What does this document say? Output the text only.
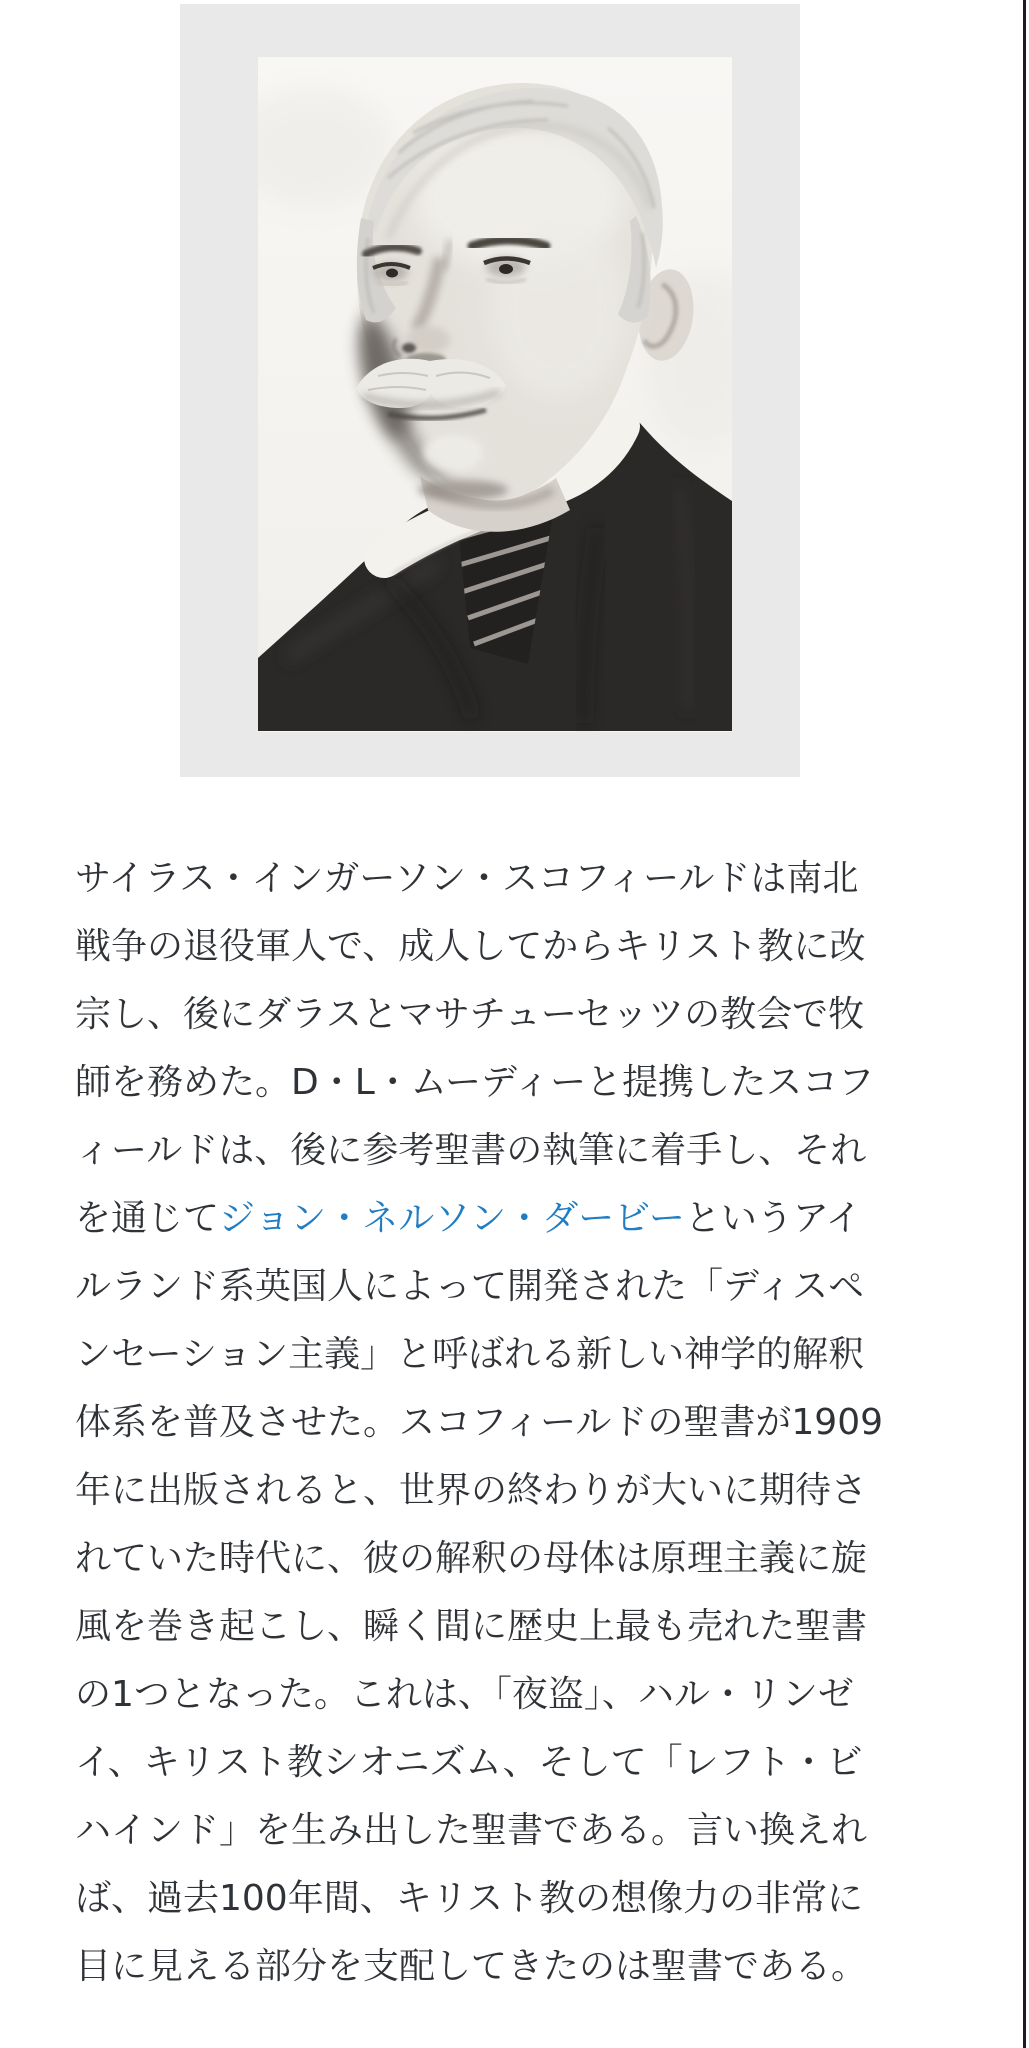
サイラス・インガーソン・スコフィールドは南北戦争の退役軍人で、成人してからキリスト教に改宗し、後にダラスとマサチューセッツの教会で牧師を務めた。D・L・ムーディーと提携したスコフィールドは、後に参考聖書の執筆に着手し、それを通じてジョン・ネルソン・ダービーというアイルランド系英国人によって開発された「ディスペンセーション主義」と呼ばれる新しい神学的解釈体系を普及させた。スコフィールドの聖書が1909年に出版されると、世界の終わりが大いに期待されていた時代に、彼の解釈の母体は原理主義に旋風を巻き起こし、瞬く間に歴史上最も売れた聖書の1つとなった。これは、「夜盗」、ハル・リンゼイ、キリスト教シオニズム、そして「レフト・ビハインド」を生み出した聖書である。言い換えれば、過去100年間、キリスト教の想像力の非常に目に見える部分を支配してきたのは聖書である。
